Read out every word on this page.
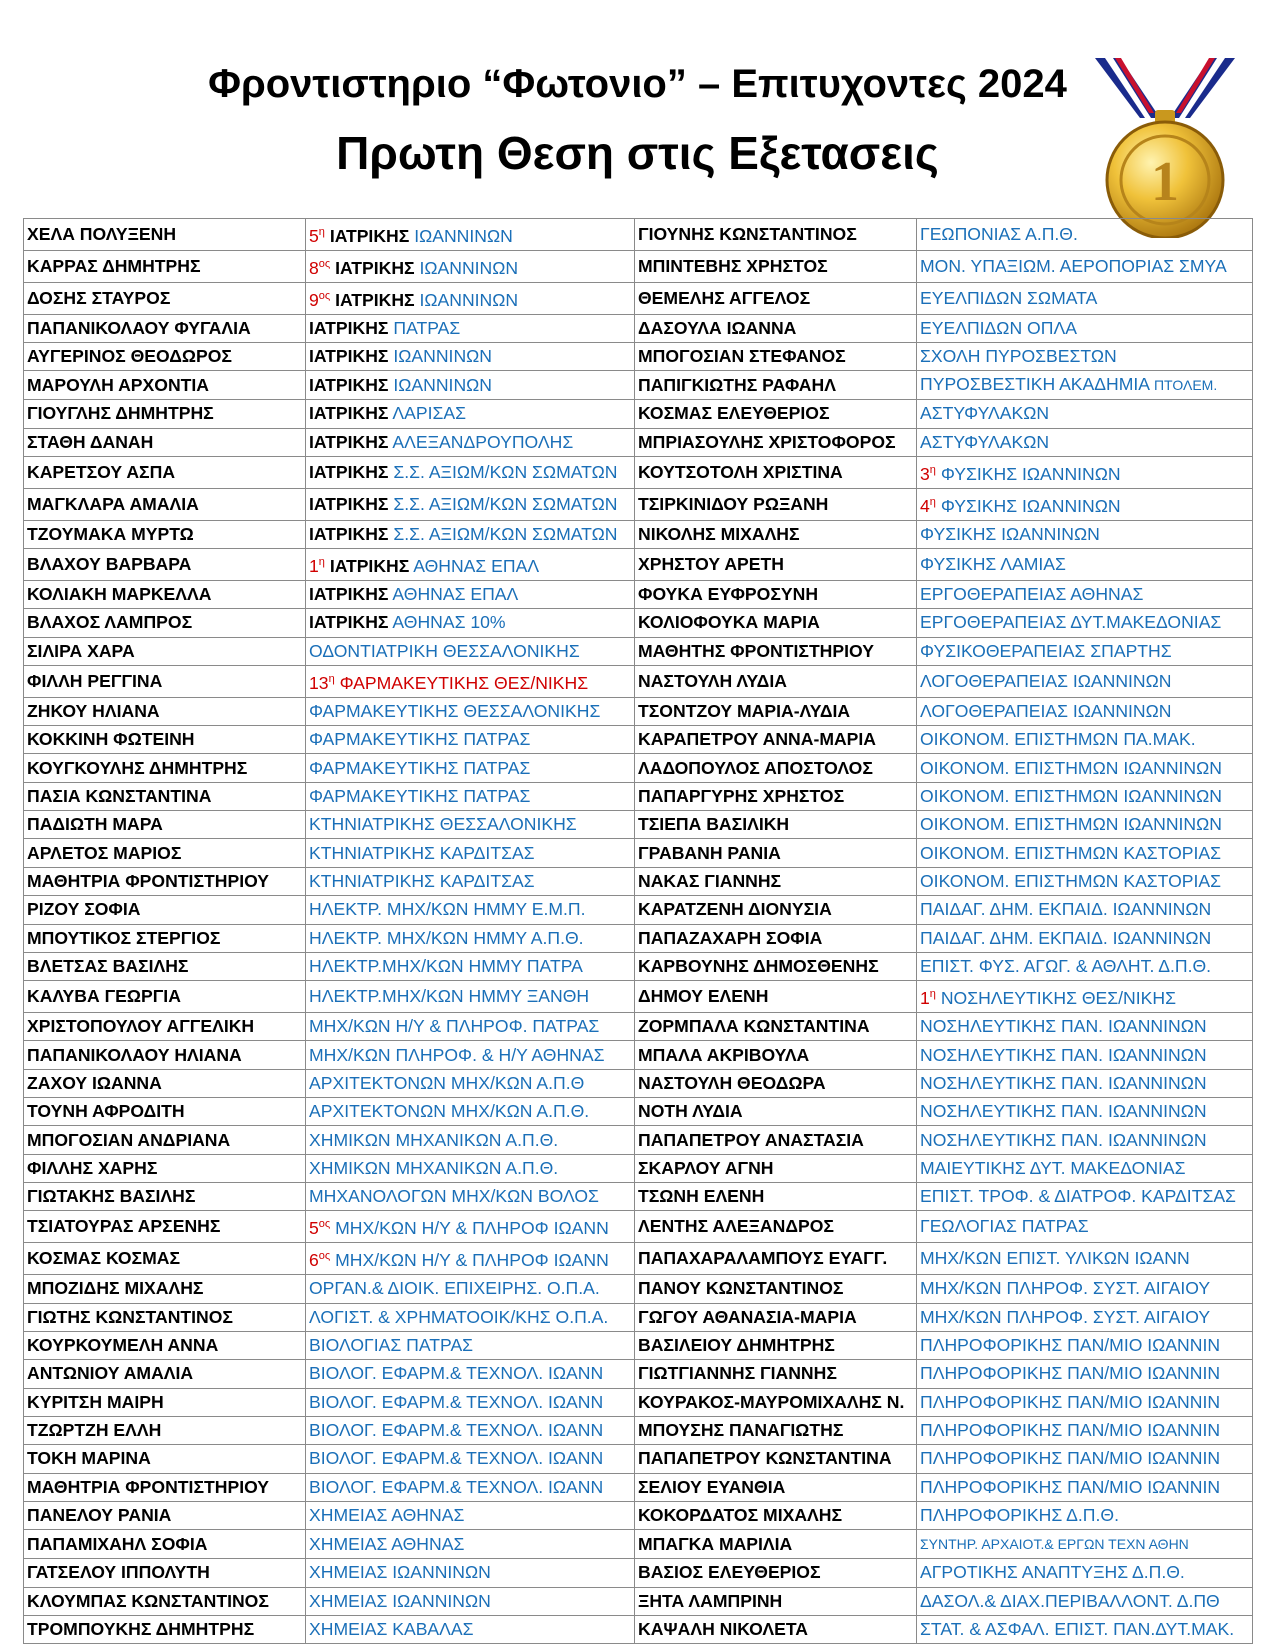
Φροντιστηριο “Φωτονιο” – Επιτυχοντες 2024
Πρωτη Θεση στις Εξετασεις	1
ΧΕΛΑ ΠΟΛΥΞΕΝΗ	$5^\eta$ ΙΑΤΡΙΚΗΣ ΙΩΑΝΝΙΝΩΝ	ΓΙΟΥΝΗΣ ΚΩΝΣΤΑΝΤΙΝΟΣ	ΓΕΩΠΟΝΙΑΣ Α.Π.Θ.
ΚΑΡΡΑΣ ΔΗΜΗΤΡΗΣ	$8^{o\varsigma}$ ΙΑΤΡΙΚΗΣ ΙΩΑΝΝΙΝΩΝ	ΜΠΙΝΤΕΒΗΣ ΧΡΗΣΤΟΣ	ΜΟΝ. ΥΠΑΞΙΩΜ. ΑΕΡΟΠΟΡΙΑΣ ΣΜΥΑ
ΔΟΣΗΣ ΣΤΑΥΡΟΣ	$9^{o\varsigma}$ ΙΑΤΡΙΚΗΣ ΙΩΑΝΝΙΝΩΝ	ΘΕΜΕΛΗΣ ΑΓΓΕΛΟΣ	ΕΥΕΛΠΙΔΩΝ ΣΩΜΑΤΑ
ΠΑΠΑΝΙΚΟΛΑΟΥ ΦΥΓΑΛΙΑ	ΙΑΤΡΙΚΗΣ ΠΑΤΡΑΣ	ΔΑΣΟΥΛΑ ΙΩΑΝΝΑ	ΕΥΕΛΠΙΔΩΝ ΟΠΛΑ
ΑΥΓΕΡΙΝΟΣ ΘΕΟΔΩΡΟΣ	ΙΑΤΡΙΚΗΣ ΙΩΑΝΝΙΝΩΝ	ΜΠΟΓΟΣΙΑΝ ΣΤΕΦΑΝΟΣ	ΣΧΟΛΗ ΠΥΡΟΣΒΕΣΤΩΝ
ΜΑΡΟΥΛΗ ΑΡΧΟΝΤΙΑ	ΙΑΤΡΙΚΗΣ ΙΩΑΝΝΙΝΩΝ	ΠΑΠΙΓΚΙΩΤΗΣ ΡΑΦΑΗΛ	ΠΥΡΟΣΒΕΣΤΙΚΗ ΑΚΑΔΗΜΙΑ ΠΤΟΛΕΜ.
ΓΙΟΥΓΛΗΣ ΔΗΜΗΤΡΗΣ	ΙΑΤΡΙΚΗΣ ΛΑΡΙΣΑΣ	ΚΟΣΜΑΣ ΕΛΕΥΘΕΡΙΟΣ	ΑΣΤΥΦΥΛΑΚΩΝ
ΣΤΑΘΗ ΔΑΝΑΗ	ΙΑΤΡΙΚΗΣ ΑΛΕΞΑΝΔΡΟΥΠΟΛΗΣ	ΜΠΡΙΑΣΟΥΛΗΣ ΧΡΙΣΤΟΦΟΡΟΣ	ΑΣΤΥΦΥΛΑΚΩΝ
ΚΑΡΕΤΣΟΥ ΑΣΠΑ	ΙΑΤΡΙΚΗΣ Σ.Σ. ΑΞΙΩΜ/ΚΩΝ ΣΩΜΑΤΩΝ	ΚΟΥΤΣΟΤΟΛΗ ΧΡΙΣΤΙΝΑ	$3^\eta$ ΦΥΣΙΚΗΣ ΙΩΑΝΝΙΝΩΝ
ΜΑΓΚΛΑΡΑ ΑΜΑΛΙΑ	ΙΑΤΡΙΚΗΣ Σ.Σ. ΑΞΙΩΜ/ΚΩΝ ΣΩΜΑΤΩΝ	ΤΣΙΡΚΙΝΙΔΟΥ ΡΩΞΑΝΗ	$4^\eta$ ΦΥΣΙΚΗΣ ΙΩΑΝΝΙΝΩΝ
ΤΖΟΥΜΑΚΑ ΜΥΡΤΩ	ΙΑΤΡΙΚΗΣ Σ.Σ. ΑΞΙΩΜ/ΚΩΝ ΣΩΜΑΤΩΝ	ΝΙΚΟΛΗΣ ΜΙΧΑΛΗΣ	ΦΥΣΙΚΗΣ ΙΩΑΝΝΙΝΩΝ
ΒΛΑΧΟΥ ΒΑΡΒΑΡΑ	$1^\eta$ ΙΑΤΡΙΚΗΣ ΑΘΗΝΑΣ ΕΠΑΛ	ΧΡΗΣΤΟΥ ΑΡΕΤΗ	ΦΥΣΙΚΗΣ ΛΑΜΙΑΣ
ΚΟΛΙΑΚΗ ΜΑΡΚΕΛΛΑ	ΙΑΤΡΙΚΗΣ ΑΘΗΝΑΣ ΕΠΑΛ	ΦΟΥΚΑ ΕΥΦΡΟΣΥΝΗ	ΕΡΓΟΘΕΡΑΠΕΙΑΣ ΑΘΗΝΑΣ
ΒΛΑΧΟΣ ΛΑΜΠΡΟΣ	ΙΑΤΡΙΚΗΣ ΑΘΗΝΑΣ 10%	ΚΟΛΙΟΦΟΥΚΑ ΜΑΡΙΑ	ΕΡΓΟΘΕΡΑΠΕΙΑΣ ΔΥΤ.ΜΑΚΕΔΟΝΙΑΣ
ΣΙΛΙΡΑ ΧΑΡΑ	ΟΔΟΝΤΙΑΤΡΙΚΗ ΘΕΣΣΑΛΟΝΙΚΗΣ	ΜΑΘΗΤΗΣ ΦΡΟΝΤΙΣΤΗΡΙΟΥ	ΦΥΣΙΚΟΘΕΡΑΠΕΙΑΣ ΣΠΑΡΤΗΣ
ΦΙΛΛΗ ΡΕΓΓΙΝΑ	$13^\eta$ ΦΑΡΜΑΚΕΥΤΙΚΗΣ ΘΕΣ/ΝΙΚΗΣ	ΝΑΣΤΟΥΛΗ ΛΥΔΙΑ	ΛΟΓΟΘΕΡΑΠΕΙΑΣ ΙΩΑΝΝΙΝΩΝ
ΖΗΚΟΥ ΗΛΙΑΝΑ	ΦΑΡΜΑΚΕΥΤΙΚΗΣ ΘΕΣΣΑΛΟΝΙΚΗΣ	ΤΣΟΝΤΖΟΥ ΜΑΡΙΑ-ΛΥΔΙΑ	ΛΟΓΟΘΕΡΑΠΕΙΑΣ ΙΩΑΝΝΙΝΩΝ
ΚΟΚΚΙΝΗ ΦΩΤΕΙΝΗ	ΦΑΡΜΑΚΕΥΤΙΚΗΣ ΠΑΤΡΑΣ	ΚΑΡΑΠΕΤΡΟΥ ΑΝΝΑ-ΜΑΡΙΑ	ΟΙΚΟΝΟΜ. ΕΠΙΣΤΗΜΩΝ ΠΑ.ΜΑΚ.
ΚΟΥΓΚΟΥΛΗΣ ΔΗΜΗΤΡΗΣ	ΦΑΡΜΑΚΕΥΤΙΚΗΣ ΠΑΤΡΑΣ	ΛΑΔΟΠΟΥΛΟΣ ΑΠΟΣΤΟΛΟΣ	ΟΙΚΟΝΟΜ. ΕΠΙΣΤΗΜΩΝ ΙΩΑΝΝΙΝΩΝ
ΠΑΣΙΑ ΚΩΝΣΤΑΝΤΙΝΑ	ΦΑΡΜΑΚΕΥΤΙΚΗΣ ΠΑΤΡΑΣ	ΠΑΠΑΡΓΥΡΗΣ ΧΡΗΣΤΟΣ	ΟΙΚΟΝΟΜ. ΕΠΙΣΤΗΜΩΝ ΙΩΑΝΝΙΝΩΝ
ΠΑΔΙΩΤΗ ΜΑΡΑ	ΚΤΗΝΙΑΤΡΙΚΗΣ ΘΕΣΣΑΛΟΝΙΚΗΣ	ΤΣΙΕΠΑ ΒΑΣΙΛΙΚΗ	ΟΙΚΟΝΟΜ. ΕΠΙΣΤΗΜΩΝ ΙΩΑΝΝΙΝΩΝ
ΑΡΛΕΤΟΣ ΜΑΡΙΟΣ	ΚΤΗΝΙΑΤΡΙΚΗΣ ΚΑΡΔΙΤΣΑΣ	ΓΡΑΒΑΝΗ ΡΑΝΙΑ	ΟΙΚΟΝΟΜ. ΕΠΙΣΤΗΜΩΝ ΚΑΣΤΟΡΙΑΣ
ΜΑΘΗΤΡΙΑ ΦΡΟΝΤΙΣΤΗΡΙΟΥ	ΚΤΗΝΙΑΤΡΙΚΗΣ ΚΑΡΔΙΤΣΑΣ	ΝΑΚΑΣ ΓΙΑΝΝΗΣ	ΟΙΚΟΝΟΜ. ΕΠΙΣΤΗΜΩΝ ΚΑΣΤΟΡΙΑΣ
ΡΙΖΟΥ ΣΟΦΙΑ	ΗΛΕΚΤΡ. ΜΗΧ/ΚΩΝ ΗΜΜΥ Ε.Μ.Π.	ΚΑΡΑΤΖΕΝΗ ΔΙΟΝΥΣΙΑ	ΠΑΙΔΑΓ. ΔΗΜ. ΕΚΠΑΙΔ. ΙΩΑΝΝΙΝΩΝ
ΜΠΟΥΤΙΚΟΣ ΣΤΕΡΓΙΟΣ	ΗΛΕΚΤΡ. ΜΗΧ/ΚΩΝ ΗΜΜΥ Α.Π.Θ.	ΠΑΠΑΖΑΧΑΡΗ ΣΟΦΙΑ	ΠΑΙΔΑΓ. ΔΗΜ. ΕΚΠΑΙΔ. ΙΩΑΝΝΙΝΩΝ
ΒΛΕΤΣΑΣ ΒΑΣΙΛΗΣ	ΗΛΕΚΤΡ.ΜΗΧ/ΚΩΝ ΗΜΜΥ ΠΑΤΡΑ	ΚΑΡΒΟΥΝΗΣ ΔΗΜΟΣΘΕΝΗΣ	ΕΠΙΣΤ. ΦΥΣ. ΑΓΩΓ. & ΑΘΛΗΤ. Δ.Π.Θ.
ΚΑΛΥΒΑ ΓΕΩΡΓΙΑ	ΗΛΕΚΤΡ.ΜΗΧ/ΚΩΝ ΗΜΜΥ ΞΑΝΘΗ	ΔΗΜΟΥ ΕΛΕΝΗ	$1^\eta$ ΝΟΣΗΛΕΥΤΙΚΗΣ ΘΕΣ/ΝΙΚΗΣ
ΧΡΙΣΤΟΠΟΥΛΟΥ ΑΓΓΕΛΙΚΗ	ΜΗΧ/ΚΩΝ Η/Υ & ΠΛΗΡΟΦ. ΠΑΤΡΑΣ	ΖΟΡΜΠΑΛΑ ΚΩΝΣΤΑΝΤΙΝΑ	ΝΟΣΗΛΕΥΤΙΚΗΣ ΠΑΝ. ΙΩΑΝΝΙΝΩΝ
ΠΑΠΑΝΙΚΟΛΑΟΥ ΗΛΙΑΝΑ	ΜΗΧ/ΚΩΝ ΠΛΗΡΟΦ. & Η/Υ ΑΘΗΝΑΣ	ΜΠΑΛΑ ΑΚΡΙΒΟΥΛΑ	ΝΟΣΗΛΕΥΤΙΚΗΣ ΠΑΝ. ΙΩΑΝΝΙΝΩΝ
ΖΑΧΟΥ ΙΩΑΝΝΑ	ΑΡΧΙΤΕΚΤΟΝΩΝ ΜΗΧ/ΚΩΝ Α.Π.Θ	ΝΑΣΤΟΥΛΗ ΘΕΟΔΩΡΑ	ΝΟΣΗΛΕΥΤΙΚΗΣ ΠΑΝ. ΙΩΑΝΝΙΝΩΝ
ΤΟΥΝΗ ΑΦΡΟΔΙΤΗ	ΑΡΧΙΤΕΚΤΟΝΩΝ ΜΗΧ/ΚΩΝ Α.Π.Θ.	ΝΟΤΗ ΛΥΔΙΑ	ΝΟΣΗΛΕΥΤΙΚΗΣ ΠΑΝ. ΙΩΑΝΝΙΝΩΝ
ΜΠΟΓΟΣΙΑΝ ΑΝΔΡΙΑΝΑ	ΧΗΜΙΚΩΝ ΜΗΧΑΝΙΚΩΝ Α.Π.Θ.	ΠΑΠΑΠΕΤΡΟΥ ΑΝΑΣΤΑΣΙΑ	ΝΟΣΗΛΕΥΤΙΚΗΣ ΠΑΝ. ΙΩΑΝΝΙΝΩΝ
ΦΙΛΛΗΣ ΧΑΡΗΣ	ΧΗΜΙΚΩΝ ΜΗΧΑΝΙΚΩΝ Α.Π.Θ.	ΣΚΑΡΛΟΥ ΑΓΝΗ	ΜΑΙΕΥΤΙΚΗΣ ΔΥΤ. ΜΑΚΕΔΟΝΙΑΣ
ΓΙΩΤΑΚΗΣ ΒΑΣΙΛΗΣ	ΜΗΧΑΝΟΛΟΓΩΝ ΜΗΧ/ΚΩΝ ΒΟΛΟΣ	ΤΣΩΝΗ ΕΛΕΝΗ	ΕΠΙΣΤ. ΤΡΟΦ. & ΔΙΑΤΡΟΦ. ΚΑΡΔΙΤΣΑΣ
ΤΣΙΑΤΟΥΡΑΣ ΑΡΣΕΝΗΣ	$5^{o\varsigma}$ ΜΗΧ/ΚΩΝ Η/Υ & ΠΛΗΡΟΦ ΙΩΑΝΝ	ΛΕΝΤΗΣ ΑΛΕΞΑΝΔΡΟΣ	ΓΕΩΛΟΓΙΑΣ ΠΑΤΡΑΣ
ΚΟΣΜΑΣ ΚΟΣΜΑΣ	$6^{o\varsigma}$ ΜΗΧ/ΚΩΝ Η/Υ & ΠΛΗΡΟΦ ΙΩΑΝΝ	ΠΑΠΑΧΑΡΑΛΑΜΠΟΥΣ ΕΥΑΓΓ.	ΜΗΧ/ΚΩΝ ΕΠΙΣΤ. ΥΛΙΚΩΝ ΙΩΑΝΝ
ΜΠΟΖΙΔΗΣ ΜΙΧΑΛΗΣ	ΟΡΓΑΝ.& ΔΙΟΙΚ. ΕΠΙΧΕΙΡΗΣ. Ο.Π.Α.	ΠΑΝΟΥ ΚΩΝΣΤΑΝΤΙΝΟΣ	ΜΗΧ/ΚΩΝ ΠΛΗΡΟΦ. ΣΥΣΤ. ΑΙΓΑΙΟΥ
ΓΙΩΤΗΣ ΚΩΝΣΤΑΝΤΙΝΟΣ	ΛΟΓΙΣΤ. & ΧΡΗΜΑΤΟΟΙΚ/ΚΗΣ Ο.Π.Α.	ΓΩΓΟΥ ΑΘΑΝΑΣΙΑ-ΜΑΡΙΑ	ΜΗΧ/ΚΩΝ ΠΛΗΡΟΦ. ΣΥΣΤ. ΑΙΓΑΙΟΥ
ΚΟΥΡΚΟΥΜΕΛΗ ΑΝΝΑ	ΒΙΟΛΟΓΙΑΣ ΠΑΤΡΑΣ	ΒΑΣΙΛΕΙΟΥ ΔΗΜΗΤΡΗΣ	ΠΛΗΡΟΦΟΡΙΚΗΣ ΠΑΝ/ΜΙΟ ΙΩΑΝΝΙΝ
ΑΝΤΩΝΙΟΥ ΑΜΑΛΙΑ	ΒΙΟΛΟΓ. ΕΦΑΡΜ.& ΤΕΧΝΟΛ. ΙΩΑΝΝ	ΓΙΩΤΓΙΑΝΝΗΣ ΓΙΑΝΝΗΣ	ΠΛΗΡΟΦΟΡΙΚΗΣ ΠΑΝ/ΜΙΟ ΙΩΑΝΝΙΝ
ΚΥΡΙΤΣΗ ΜΑΙΡΗ	ΒΙΟΛΟΓ. ΕΦΑΡΜ.& ΤΕΧΝΟΛ. ΙΩΑΝΝ	ΚΟΥΡΑΚΟΣ-ΜΑΥΡΟΜΙΧΑΛΗΣ Ν.	ΠΛΗΡΟΦΟΡΙΚΗΣ ΠΑΝ/ΜΙΟ ΙΩΑΝΝΙΝ
ΤΖΩΡΤΖΗ ΕΛΛΗ	ΒΙΟΛΟΓ. ΕΦΑΡΜ.& ΤΕΧΝΟΛ. ΙΩΑΝΝ	ΜΠΟΥΣΗΣ ΠΑΝΑΓΙΩΤΗΣ	ΠΛΗΡΟΦΟΡΙΚΗΣ ΠΑΝ/ΜΙΟ ΙΩΑΝΝΙΝ
ΤΟΚΗ ΜΑΡΙΝΑ	ΒΙΟΛΟΓ. ΕΦΑΡΜ.& ΤΕΧΝΟΛ. ΙΩΑΝΝ	ΠΑΠΑΠΕΤΡΟΥ ΚΩΝΣΤΑΝΤΙΝΑ	ΠΛΗΡΟΦΟΡΙΚΗΣ ΠΑΝ/ΜΙΟ ΙΩΑΝΝΙΝ
ΜΑΘΗΤΡΙΑ ΦΡΟΝΤΙΣΤΗΡΙΟΥ	ΒΙΟΛΟΓ. ΕΦΑΡΜ.& ΤΕΧΝΟΛ. ΙΩΑΝΝ	ΣΕΛΙΟΥ ΕΥΑΝΘΙΑ	ΠΛΗΡΟΦΟΡΙΚΗΣ ΠΑΝ/ΜΙΟ ΙΩΑΝΝΙΝ
ΠΑΝΕΛΟΥ ΡΑΝΙΑ	ΧΗΜΕΙΑΣ ΑΘΗΝΑΣ	ΚΟΚΟΡΔΑΤΟΣ ΜΙΧΑΛΗΣ	ΠΛΗΡΟΦΟΡΙΚΗΣ Δ.Π.Θ.
ΠΑΠΑΜΙΧΑΗΛ ΣΟΦΙΑ	ΧΗΜΕΙΑΣ ΑΘΗΝΑΣ	ΜΠΑΓΚΑ ΜΑΡΙΛΙΑ	ΣΥΝΤΗΡ. ΑΡΧΑΙΟΤ.& ΕΡΓΩΝ ΤΕΧΝ ΑΘΗΝ
ΓΑΤΣΕΛΟΥ ΙΠΠΟΛΥΤΗ	ΧΗΜΕΙΑΣ ΙΩΑΝΝΙΝΩΝ	ΒΑΣΙΟΣ ΕΛΕΥΘΕΡΙΟΣ	ΑΓΡΟΤΙΚΗΣ ΑΝΑΠΤΥΞΗΣ Δ.Π.Θ.
ΚΛΟΥΜΠΑΣ ΚΩΝΣΤΑΝΤΙΝΟΣ	ΧΗΜΕΙΑΣ ΙΩΑΝΝΙΝΩΝ	ΞΗΤΑ ΛΑΜΠΡΙΝΗ	ΔΑΣΟΛ.& ΔΙΑΧ.ΠΕΡΙΒΑΛΛΟΝΤ. Δ.ΠΘ
ΤΡΟΜΠΟΥΚΗΣ ΔΗΜΗΤΡΗΣ	ΧΗΜΕΙΑΣ ΚΑΒΑΛΑΣ	ΚΑΨΑΛΗ ΝΙΚΟΛΕΤΑ	ΣΤΑΤ. & ΑΣΦΑΛ. ΕΠΙΣΤ. ΠΑΝ.ΔΥΤ.ΜΑΚ.
